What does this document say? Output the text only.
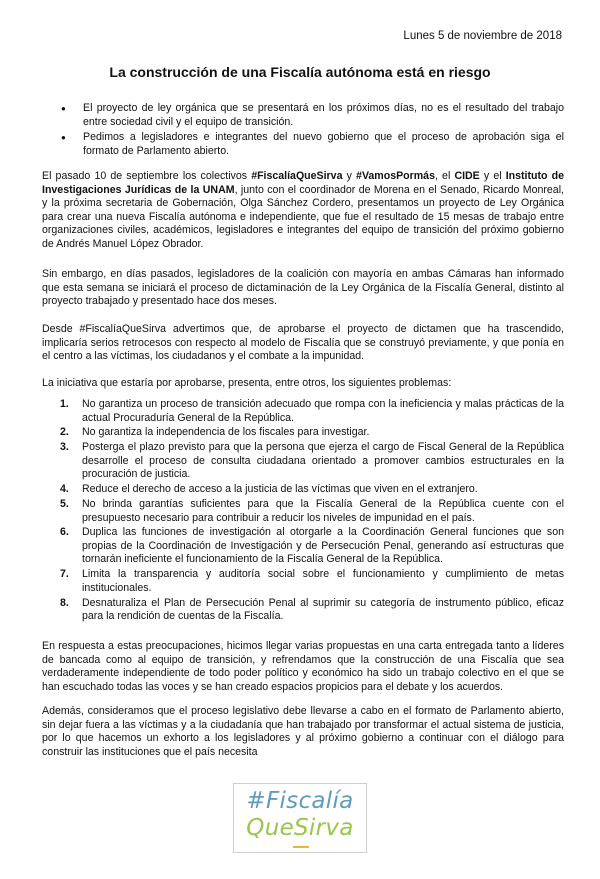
Lunes 5 de noviembre de 2018
La construcción de una Fiscalía autónoma está en riesgo
● El proyecto de ley orgánica que se presentará en los próximos días, no es el resultado del trabajo entre sociedad civil y el equipo de transición.
● Pedimos a legisladores e integrantes del nuevo gobierno que el proceso de aprobación siga el formato de Parlamento abierto.

El pasado 10 de septiembre los colectivos #FiscalíaQueSirva y #VamosPormás, el CIDE y el Instituto de Investigaciones Jurídicas de la UNAM, junto con el coordinador de Morena en el Senado, Ricardo Monreal, y la próxima secretaria de Gobernación, Olga Sánchez Cordero, presentamos un proyecto de Ley Orgánica para crear una nueva Fiscalía autónoma e independiente, que fue el resultado de 15 mesas de trabajo entre organizaciones civiles, académicos, legisladores e integrantes del equipo de transición del próximo gobierno de Andrés Manuel López Obrador.

Sin embargo, en días pasados, legisladores de la coalición con mayoría en ambas Cámaras han informado que esta semana se iniciará el proceso de dictaminación de la Ley Orgánica de la Fiscalía General, distinto al proyecto trabajado y presentado hace dos meses.

Desde #FiscalíaQueSirva advertimos que, de aprobarse el proyecto de dictamen que ha trascendido, implicaría serios retrocesos con respecto al modelo de Fiscalía que se construyó previamente, y que ponía en el centro a las víctimas, los ciudadanos y el combate a la impunidad.

La iniciativa que estaría por aprobarse, presenta, entre otros, los siguientes problemas:

1. No garantiza un proceso de transición adecuado que rompa con la ineficiencia y malas prácticas de la actual Procuraduría General de la República.
2. No garantiza la independencia de los fiscales para investigar.
3. Posterga el plazo previsto para que la persona que ejerza el cargo de Fiscal General de la República desarrolle el proceso de consulta ciudadana orientado a promover cambios estructurales en la procuración de justicia.
4. Reduce el derecho de acceso a la justicia de las víctimas que viven en el extranjero.
5. No brinda garantías suficientes para que la Fiscalía General de la República cuente con el presupuesto necesario para contribuir a reducir los niveles de impunidad en el país.
6. Duplica las funciones de investigación al otorgarle a la Coordinación General funciones que son propias de la Coordinación de Investigación y de Persecución Penal, generando así estructuras que tornarán ineficiente el funcionamiento de la Fiscalía General de la República.
7. Limita la transparencia y auditoría social sobre el funcionamiento y cumplimiento de metas institucionales.
8. Desnaturaliza el Plan de Persecución Penal al suprimir su categoría de instrumento público, eficaz para la rendición de cuentas de la Fiscalía.

En respuesta a estas preocupaciones, hicimos llegar varias propuestas en una carta entregada tanto a líderes de bancada como al equipo de transición, y refrendamos que la construcción de una Fiscalía que sea verdaderamente independiente de todo poder político y económico ha sido un trabajo colectivo en el que se han escuchado todas las voces y se han creado espacios propicios para el debate y los acuerdos.

Además, consideramos que el proceso legislativo debe llevarse a cabo en el formato de Parlamento abierto, sin dejar fuera a las víctimas y a la ciudadanía que han trabajado por transformar el actual sistema de justicia, por lo que hacemos un exhorto a los legisladores y al próximo gobierno a continuar con el diálogo para construir las instituciones que el país necesita

#Fiscalía
QueSirva
